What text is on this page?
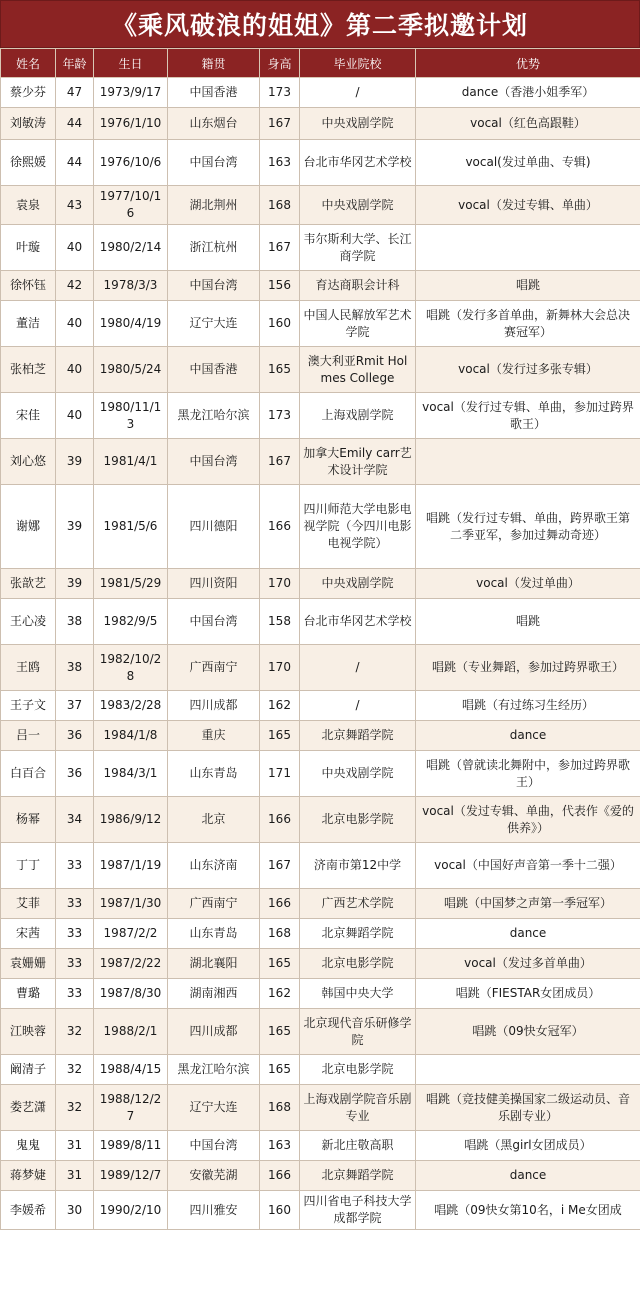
《乘风破浪的姐姐》第二季拟邀计划
姓名	年龄	生日	籍贯	身高	毕业院校	优势
蔡少芬	47	1973/9/17	中国香港	173	/	dance（香港小姐季军）
刘敏涛	44	1976/1/10	山东烟台	167	中央戏剧学院	vocal（红色高跟鞋）
徐熙媛	44	1976/10/6	中国台湾	163	台北市华冈艺术学校	vocal(发过单曲、专辑)
袁泉	43	1977/10/16	湖北荆州	168	中央戏剧学院	vocal（发过专辑、单曲）
叶璇	40	1980/2/14	浙江杭州	167	韦尔斯利大学、长江商学院	
徐怀钰	42	1978/3/3	中国台湾	156	育达商职会计科	唱跳
董洁	40	1980/4/19	辽宁大连	160	中国人民解放军艺术学院	唱跳（发行多首单曲，新舞林大会总决赛冠军）
张柏芝	40	1980/5/24	中国香港	165	澳大利亚Rmit Holmes College	vocal（发行过多张专辑）
宋佳	40	1980/11/13	黑龙江哈尔滨	173	上海戏剧学院	vocal（发行过专辑、单曲，参加过跨界歌王）
刘心悠	39	1981/4/1	中国台湾	167	加拿大Emily carr艺术设计学院	
谢娜	39	1981/5/6	四川德阳	166	四川师范大学电影电视学院（今四川电影电视学院）	唱跳（发行过专辑、单曲，跨界歌王第二季亚军，参加过舞动奇迹）
张歆艺	39	1981/5/29	四川资阳	170	中央戏剧学院	vocal（发过单曲）
王心凌	38	1982/9/5	中国台湾	158	台北市华冈艺术学校	唱跳
王鸥	38	1982/10/28	广西南宁	170	/	唱跳（专业舞蹈，参加过跨界歌王）
王子文	37	1983/2/28	四川成都	162	/	唱跳（有过练习生经历）
吕一	36	1984/1/8	重庆	165	北京舞蹈学院	dance
白百合	36	1984/3/1	山东青岛	171	中央戏剧学院	唱跳（曾就读北舞附中，参加过跨界歌王）
杨幂	34	1986/9/12	北京	166	北京电影学院	vocal（发过专辑、单曲，代表作《爱的供养》）
丁丁	33	1987/1/19	山东济南	167	济南市第12中学	vocal（中国好声音第一季十二强）
艾菲	33	1987/1/30	广西南宁	166	广西艺术学院	唱跳（中国梦之声第一季冠军）
宋茜	33	1987/2/2	山东青岛	168	北京舞蹈学院	dance
袁姗姗	33	1987/2/22	湖北襄阳	165	北京电影学院	vocal（发过多首单曲）
曹璐	33	1987/8/30	湖南湘西	162	韩国中央大学	唱跳（FIESTAR女团成员）
江映蓉	32	1988/2/1	四川成都	165	北京现代音乐研修学院	唱跳（09快女冠军）
阚清子	32	1988/4/15	黑龙江哈尔滨	165	北京电影学院	
娄艺潇	32	1988/12/27	辽宁大连	168	上海戏剧学院音乐剧专业	唱跳（竞技健美操国家二级运动员、音乐剧专业）
鬼鬼	31	1989/8/11	中国台湾	163	新北庄敬高职	唱跳（黑girl女团成员）
蒋梦婕	31	1989/12/7	安徽芜湖	166	北京舞蹈学院	dance
李媛希	30	1990/2/10	四川雅安	160	四川省电子科技大学成都学院	唱跳（09快女第10名，i Me女团成
